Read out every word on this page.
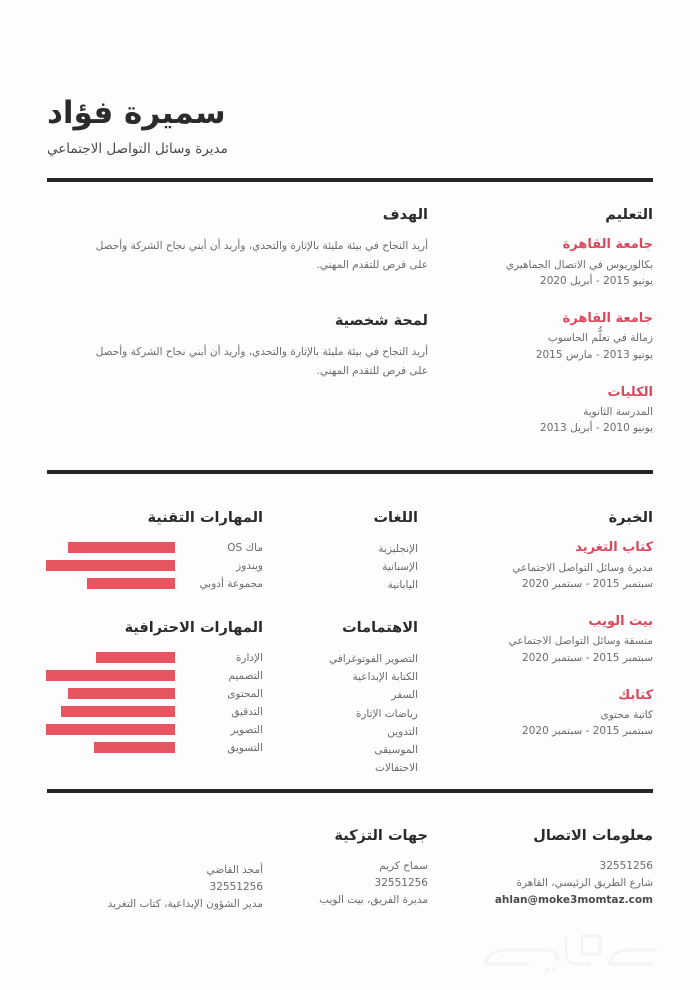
سميرة فؤاد
مديرة وسائل التواصل الاجتماعي
التعليم
جامعة القاهرة
بكالوريوس في الاتصال الجماهيري
يونيو 2015 - أبريل 2020
جامعة القاهرة
زمالة في تعلُّم الحاسوب
يونيو 2013 - مارس 2015
الكليات
المدرسة الثانوية
يونيو 2010 - أبريل 2013
الهدف

أريد النجاح في بيئة مليئة بالإثارة والتحدي، وأريد أن أبني نجاح الشركة وأحصل على فرص للتقدم المهني.

لمحة شخصية

أريد النجاح في بيئة مليئة بالإثارة والتحدي، وأريد أن أبني نجاح الشركة وأحصل على فرص للتقدم المهني.

الخبرة
كتاب التغريد
مديرة وسائل التواصل الاجتماعي
سبتمبر 2015 - سبتمبر 2020
بيت الويب
منسقة وسائل التواصل الاجتماعي
سبتمبر 2015 - سبتمبر 2020
كتابك
كاتبة محتوى
سبتمبر 2015 - سبتمبر 2020
اللغات
الإنجليزية
الإسبانية
اليابانية
الاهتمامات
التصوير الفوتوغرافي
الكتابة الإبداعية
السفر
رياضات الإثارة
التدوين
الموسيقى
الاحتفالات
المهارات التقنية
ماك OS
ويندوز
مجموعة أدوبي
المهارات الاحترافية
الإدارة
التصميم
المحتوى
التدقيق
التصوير
التسويق
معلومات الاتصال
32551256
شارع الطريق الرئيسي، القاهرة
ahlan@moke3momtaz.com
جهات التزكية
سماح كريم
32551256
مديرة الفريق، بيت الويب
أمجد القاضي
32551256
مدير الشؤون الإبداعية، كتاب التغريد
